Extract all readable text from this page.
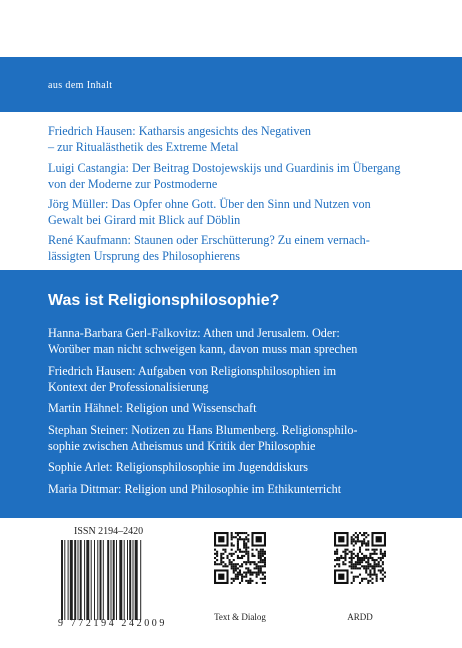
aus dem Inhalt
Friedrich Hausen: Katharsis angesichts des Negativen
– zur Ritualästhetik des Extreme Metal
Luigi Castangia: Der Beitrag Dostojewskijs und Guardinis im Übergang
von der Moderne zur Postmoderne
Jörg Müller: Das Opfer ohne Gott. Über den Sinn und Nutzen von
Gewalt bei Girard mit Blick auf Döblin
René Kaufmann: Staunen oder Erschütterung? Zu einem vernach-
lässigten Ursprung des Philosophierens
Was ist Religionsphilosophie?
Hanna-Barbara Gerl-Falkovitz: Athen und Jerusalem. Oder:
Worüber man nicht schweigen kann, davon muss man sprechen
Friedrich Hausen: Aufgaben von Religionsphilosophien im
Kontext der Professionalisierung
Martin Hähnel: Religion und Wissenschaft
Stephan Steiner: Notizen zu Hans Blumenberg. Religionsphilo-
sophie zwischen Atheismus und Kritik der Philosophie
Sophie Arlet: Religionsphilosophie im Jugenddiskurs
Maria Dittmar: Religion und Philosophie im Ethikunterricht
ISSN 2194–2420
9 772194 242009
Text & Dialog	ARDD
